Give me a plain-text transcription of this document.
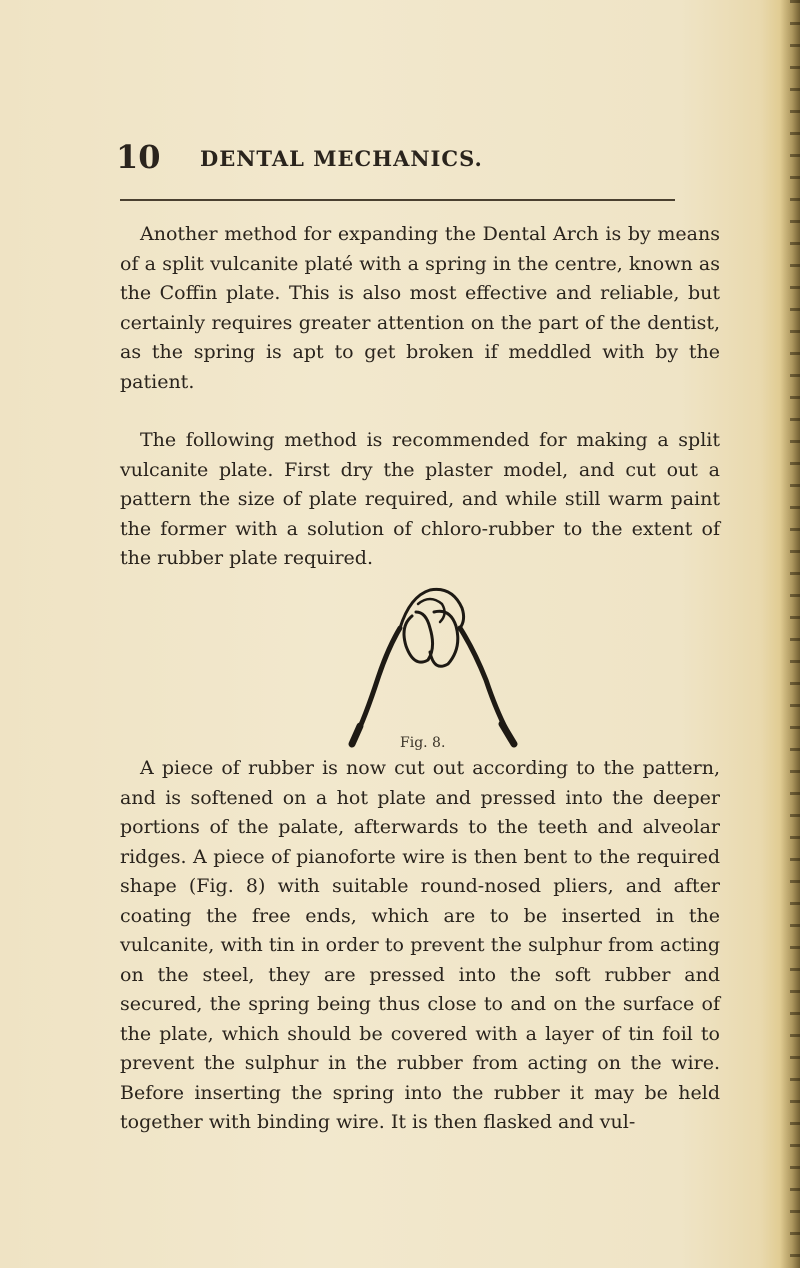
10 DENTAL MECHANICS.

Another method for expanding the Dental Arch is by means of a split vulcanite platé with a spring in the centre, known as the Coffin plate. This is also most effective and reliable, but certainly requires greater attention on the part of the dentist, as the spring is apt to get broken if meddled with by the patient.

The following method is recommended for making a split vulcanite plate. First dry the plaster model, and cut out a pattern the size of plate required, and while still warm paint the former with a solution of chloro-rubber to the extent of the rubber plate required.

Fig. 8.

A piece of rubber is now cut out according to the pattern, and is softened on a hot plate and pressed into the deeper portions of the palate, afterwards to the teeth and alveolar ridges. A piece of pianoforte wire is then bent to the required shape (Fig. 8) with suitable round-nosed pliers, and after coating the free ends, which are to be inserted in the vulcanite, with tin in order to prevent the sulphur from acting on the steel, they are pressed into the soft rubber and secured, the spring being thus close to and on the surface of the plate, which should be covered with a layer of tin foil to prevent the sulphur in the rubber from acting on the wire. Before inserting the spring into the rubber it may be held together with binding wire. It is then flasked and vul-
